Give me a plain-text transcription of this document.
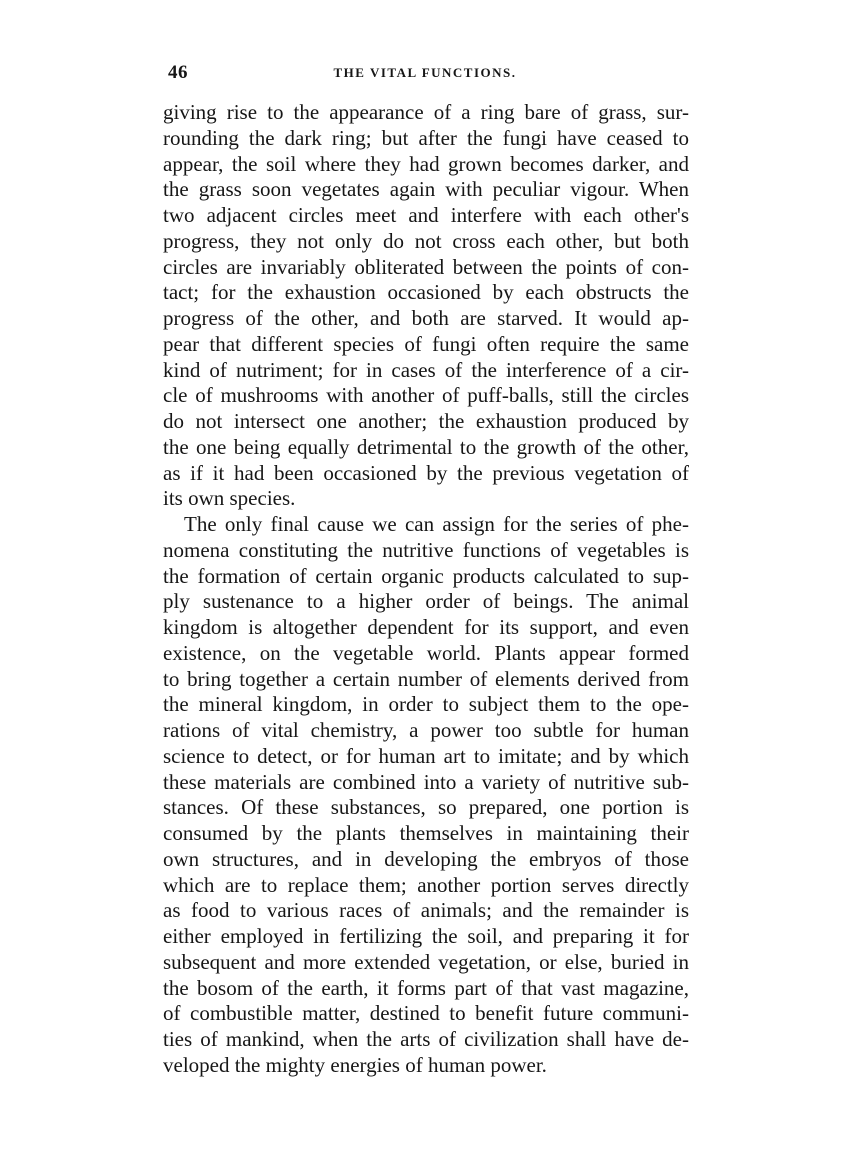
46	THE VITAL FUNCTIONS.
giving rise to the appearance of a ring bare of grass, sur-
rounding the dark ring; but after the fungi have ceased to
appear, the soil where they had grown becomes darker, and
the grass soon vegetates again with peculiar vigour. When
two adjacent circles meet and interfere with each other's
progress, they not only do not cross each other, but both
circles are invariably obliterated between the points of con-
tact; for the exhaustion occasioned by each obstructs the
progress of the other, and both are starved. It would ap-
pear that different species of fungi often require the same
kind of nutriment; for in cases of the interference of a cir-
cle of mushrooms with another of puff-balls, still the circles
do not intersect one another; the exhaustion produced by
the one being equally detrimental to the growth of the other,
as if it had been occasioned by the previous vegetation of
its own species.
The only final cause we can assign for the series of phe-
nomena constituting the nutritive functions of vegetables is
the formation of certain organic products calculated to sup-
ply sustenance to a higher order of beings. The animal
kingdom is altogether dependent for its support, and even
existence, on the vegetable world. Plants appear formed
to bring together a certain number of elements derived from
the mineral kingdom, in order to subject them to the ope-
rations of vital chemistry, a power too subtle for human
science to detect, or for human art to imitate; and by which
these materials are combined into a variety of nutritive sub-
stances. Of these substances, so prepared, one portion is
consumed by the plants themselves in maintaining their
own structures, and in developing the embryos of those
which are to replace them; another portion serves directly
as food to various races of animals; and the remainder is
either employed in fertilizing the soil, and preparing it for
subsequent and more extended vegetation, or else, buried in
the bosom of the earth, it forms part of that vast magazine,
of combustible matter, destined to benefit future communi-
ties of mankind, when the arts of civilization shall have de-
veloped the mighty energies of human power.
